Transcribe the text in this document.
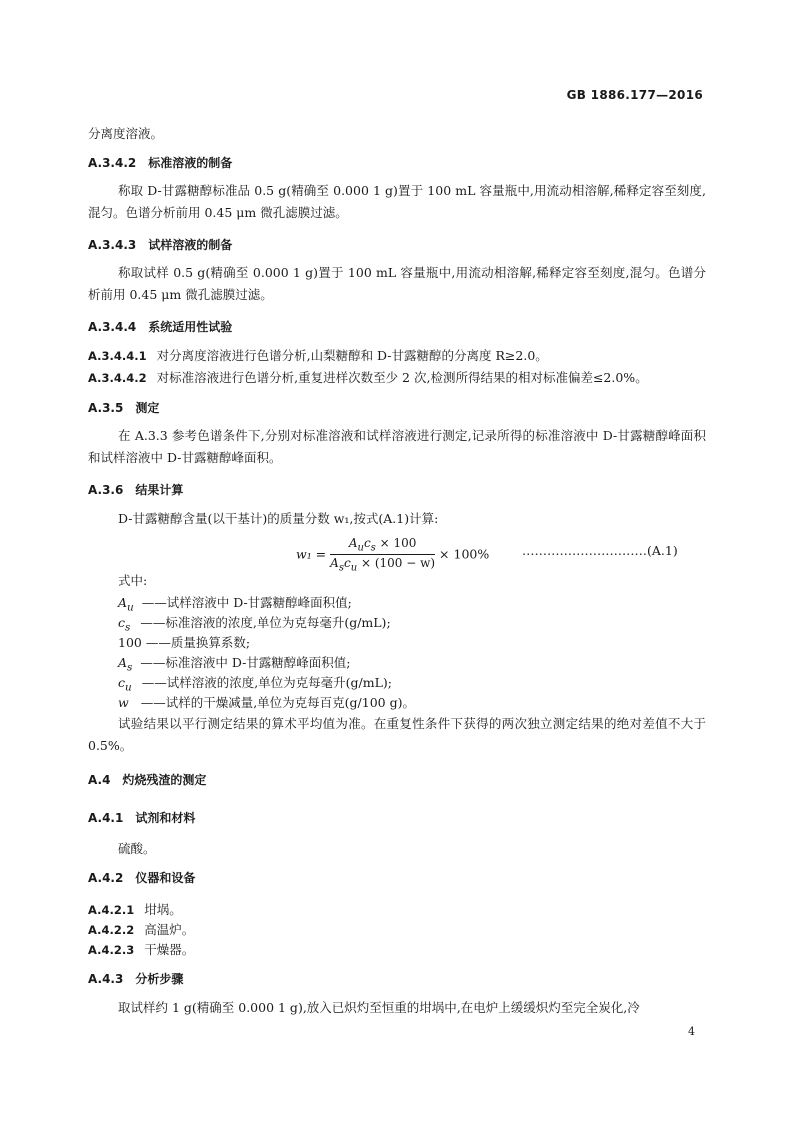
GB 1886.177—2016
分离度溶液。
A.3.4.2 标准溶液的制备
称取 D-甘露糖醇标准品 0.5 g(精确至 0.000 1 g)置于 100 mL 容量瓶中,用流动相溶解,稀释定容至刻度,混匀。色谱分析前用 0.45 μm 微孔滤膜过滤。
A.3.4.3 试样溶液的制备
称取试样 0.5 g(精确至 0.000 1 g)置于 100 mL 容量瓶中,用流动相溶解,稀释定容至刻度,混匀。色谱分析前用 0.45 μm 微孔滤膜过滤。
A.3.4.4 系统适用性试验
A.3.4.4.1 对分离度溶液进行色谱分析,山梨糖醇和 D-甘露糖醇的分离度 R≥2.0。
A.3.4.4.2 对标准溶液进行色谱分析,重复进样次数至少 2 次,检测所得结果的相对标准偏差≤2.0%。
A.3.5 测定
在 A.3.3 参考色谱条件下,分别对标准溶液和试样溶液进行测定,记录所得的标准溶液中 D-甘露糖醇峰面积和试样溶液中 D-甘露糖醇峰面积。
A.3.6 结果计算
D-甘露糖醇含量(以干基计)的质量分数 w₁,按式(A.1)计算:
$w_1 = \frac{A_uc_s \times 100}{A_sc_u \times (100 - w)} \times 100\%$	…………………………(A.1)
式中:
$A_u$ ——试样溶液中 D-甘露糖醇峰面积值;
$c_s$ ——标准溶液的浓度,单位为克每毫升(g/mL);
100 ——质量换算系数;
$A_s$ ——标准溶液中 D-甘露糖醇峰面积值;
$c_u$ ——试样溶液的浓度,单位为克每毫升(g/mL);
w ——试样的干燥减量,单位为克每百克(g/100 g)。
试验结果以平行测定结果的算术平均值为准。在重复性条件下获得的两次独立测定结果的绝对差值不大于 0.5%。
A.4 灼烧残渣的测定
A.4.1 试剂和材料
硫酸。
A.4.2 仪器和设备
A.4.2.1 坩埚。
A.4.2.2 高温炉。
A.4.2.3 干燥器。
A.4.3 分析步骤
取试样约 1 g(精确至 0.000 1 g),放入已炽灼至恒重的坩埚中,在电炉上缓缓炽灼至完全炭化,冷
4
